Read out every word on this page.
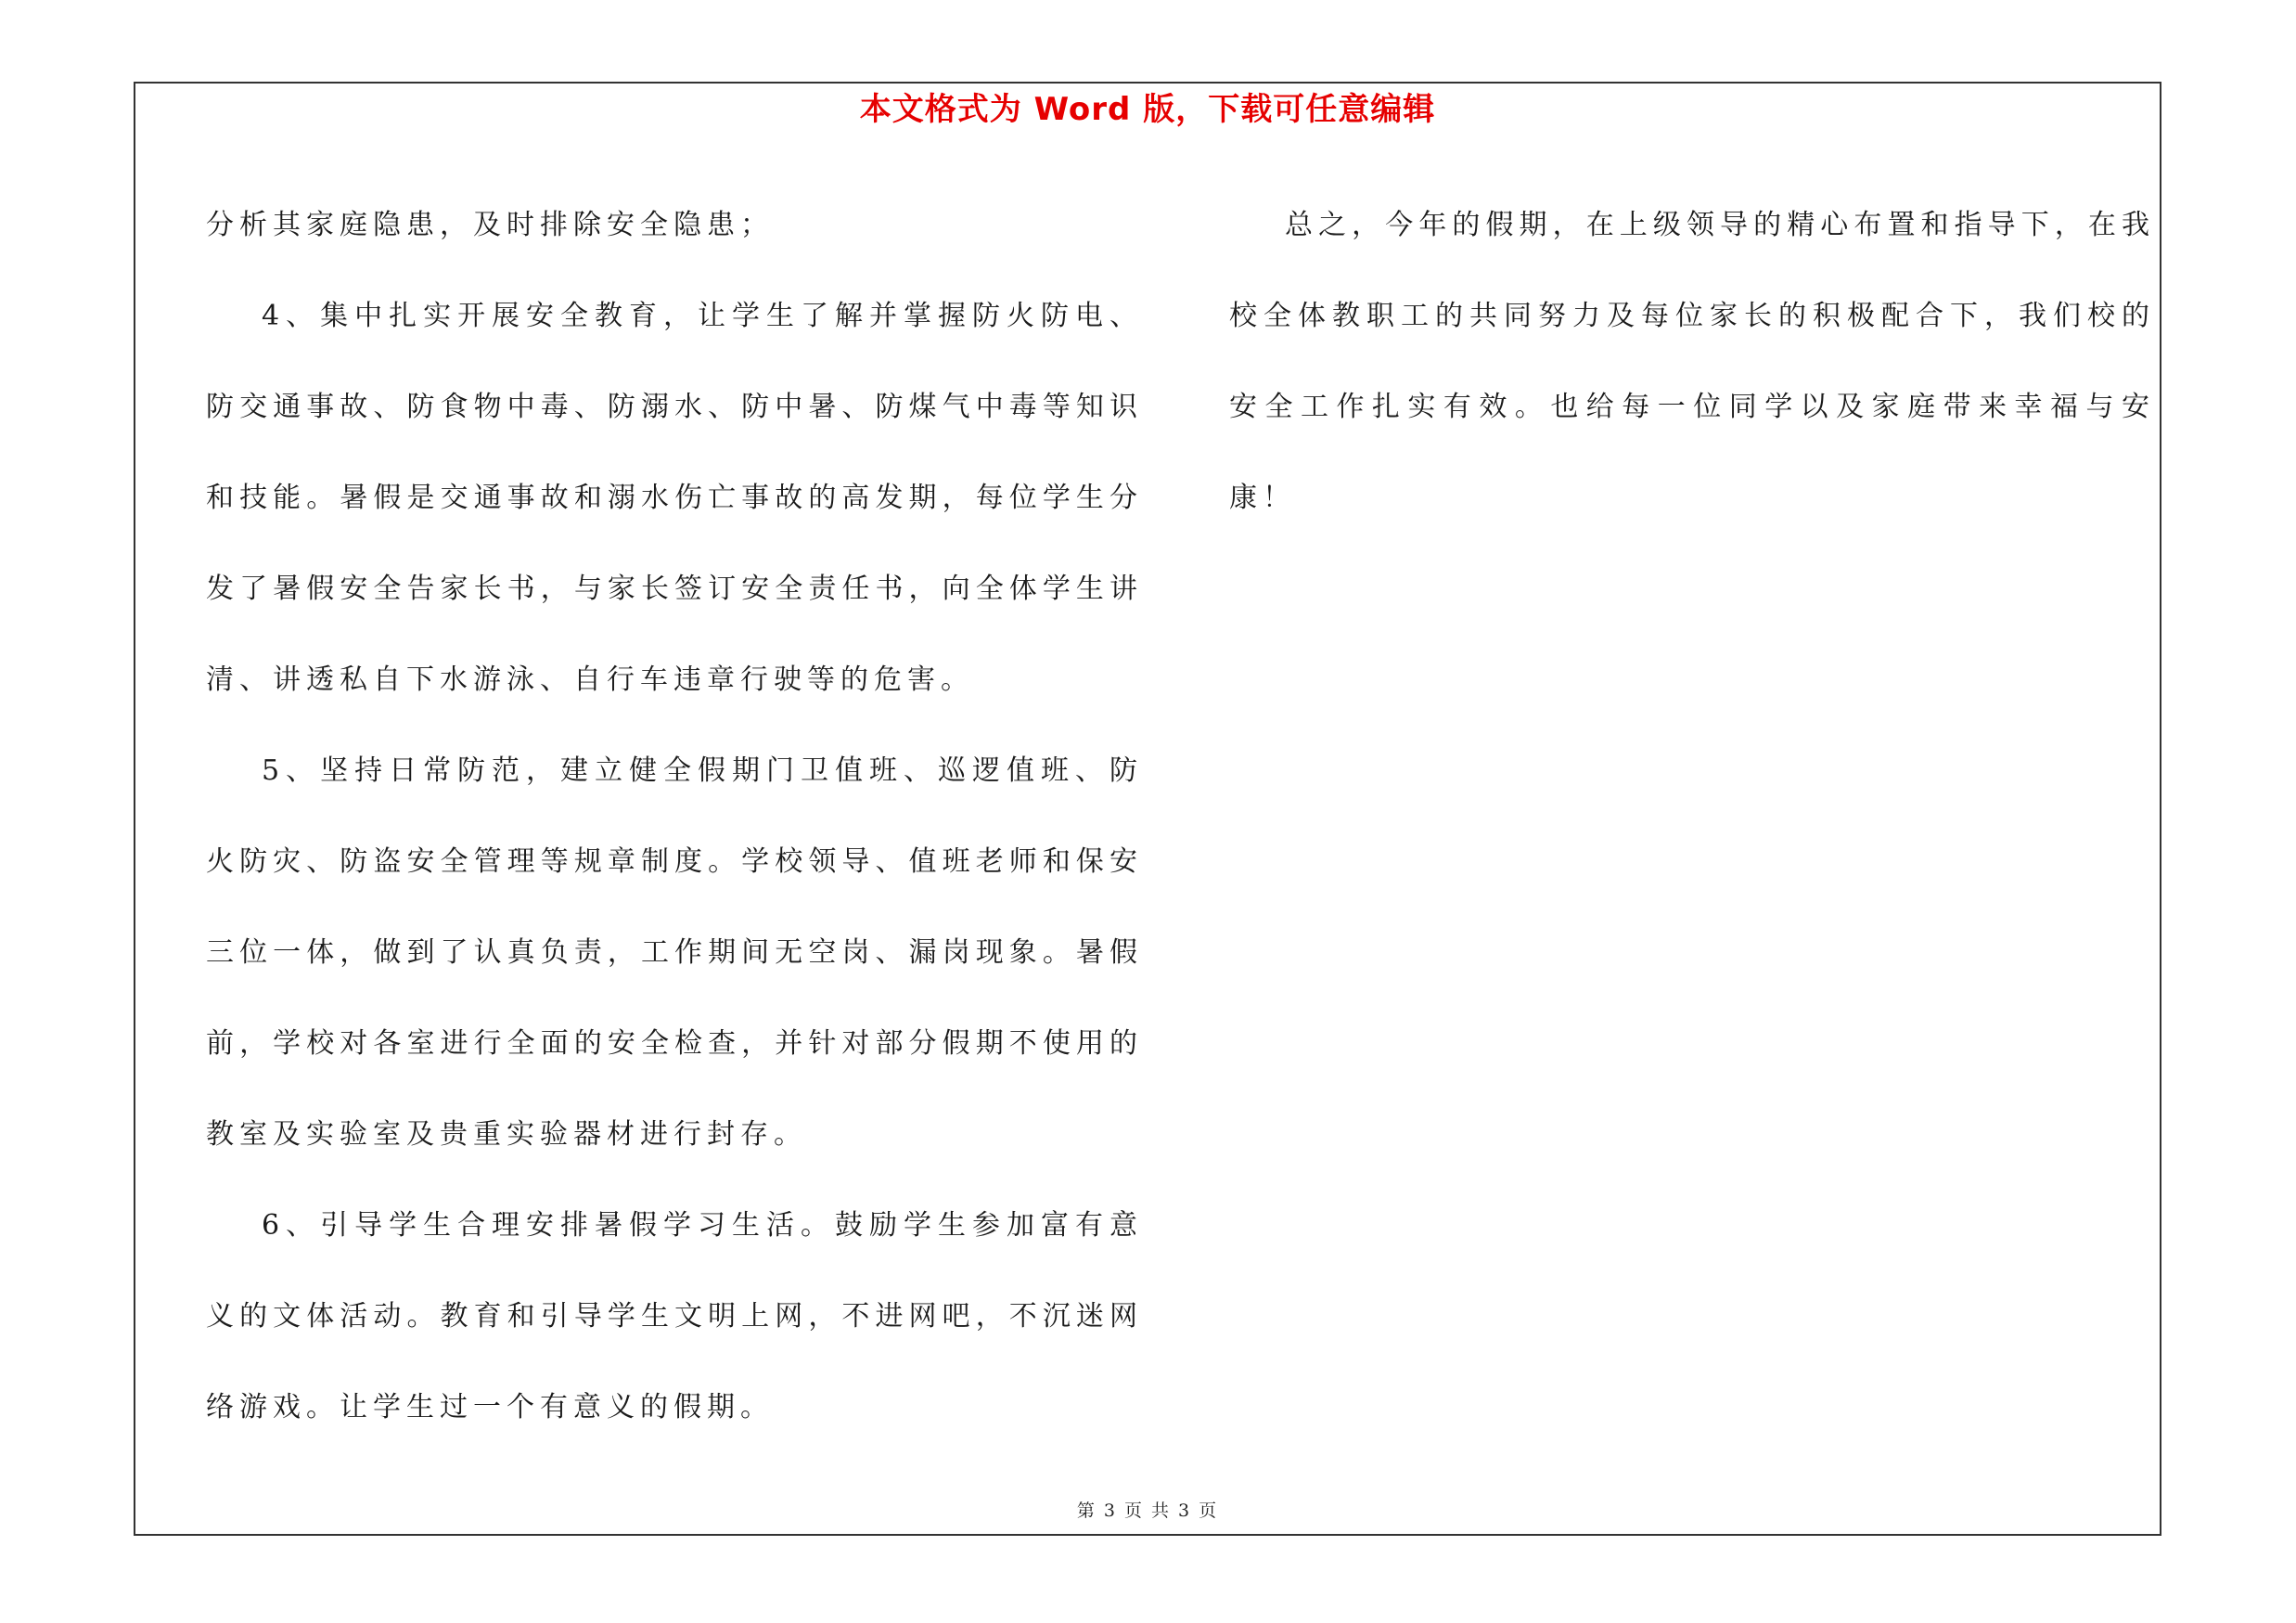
本文格式为 Word 版，下载可任意编辑

分析其家庭隐患，及时排除安全隐患；

4、集中扎实开展安全教育，让学生了解并掌握防火防电、防交通事故、防食物中毒、防溺水、防中暑、防煤气中毒等知识和技能。暑假是交通事故和溺水伤亡事故的高发期，每位学生分发了暑假安全告家长书，与家长签订安全责任书，向全体学生讲清、讲透私自下水游泳、自行车违章行驶等的危害。

5、坚持日常防范，建立健全假期门卫值班、巡逻值班、防火防灾、防盗安全管理等规章制度。学校领导、值班老师和保安三位一体，做到了认真负责，工作期间无空岗、漏岗现象。暑假前，学校对各室进行全面的安全检查，并针对部分假期不使用的教室及实验室及贵重实验器材进行封存。

6、引导学生合理安排暑假学习生活。鼓励学生参加富有意义的文体活动。教育和引导学生文明上网，不进网吧，不沉迷网络游戏。让学生过一个有意义的假期。

总之，今年的假期，在上级领导的精心布置和指导下，在我校全体教职工的共同努力及每位家长的积极配合下，我们校的安全工作扎实有效。也给每一位同学以及家庭带来幸福与安康！

第 3 页 共 3 页
